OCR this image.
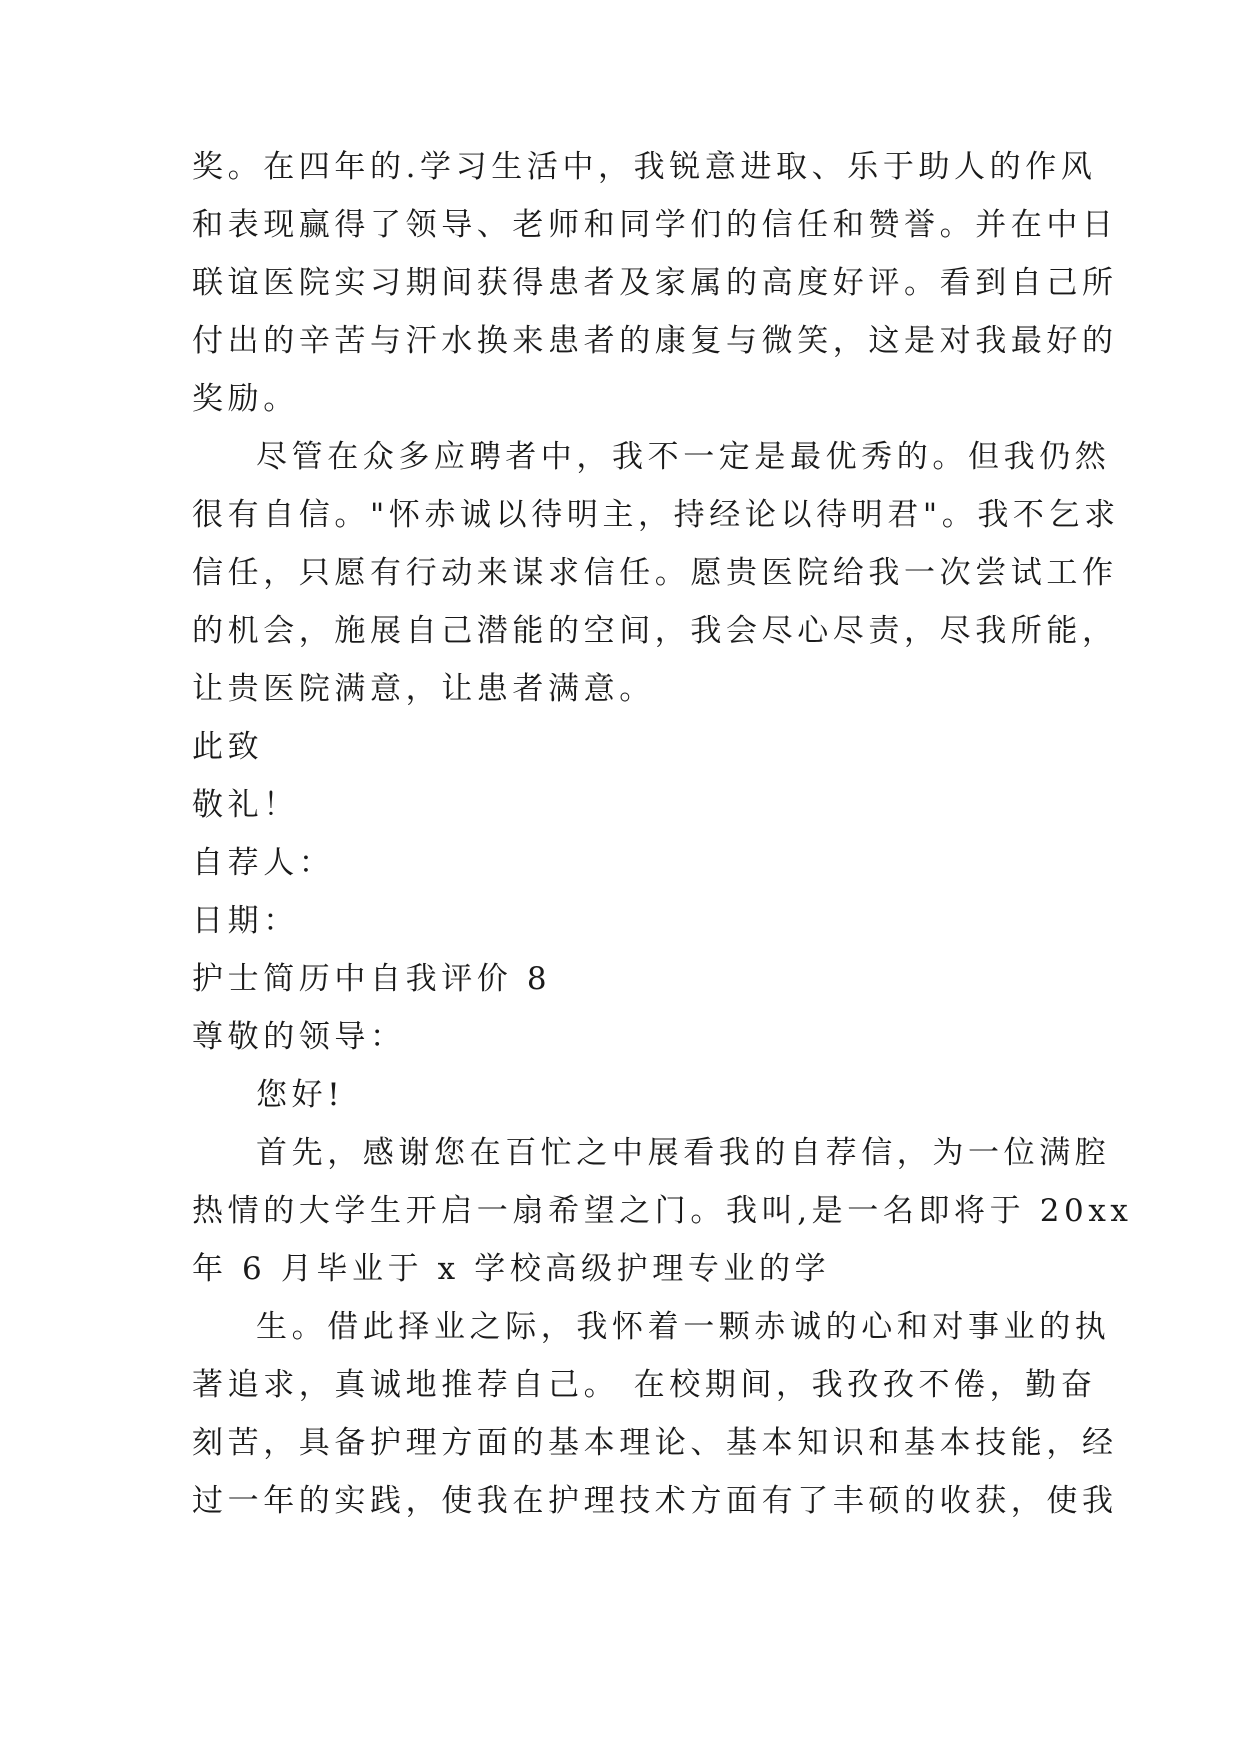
奖。在四年的.学习生活中，我锐意进取、乐于助人的作风
和表现赢得了领导、老师和同学们的信任和赞誉。并在中日
联谊医院实习期间获得患者及家属的高度好评。看到自己所
付出的辛苦与汗水换来患者的康复与微笑，这是对我最好的
奖励。
尽管在众多应聘者中，我不一定是最优秀的。但我仍然
很有自信。"怀赤诚以待明主，持经论以待明君"。我不乞求
信任，只愿有行动来谋求信任。愿贵医院给我一次尝试工作
的机会，施展自己潜能的空间，我会尽心尽责，尽我所能，
让贵医院满意，让患者满意。
此致
敬礼！
自荐人：
日期：
护士简历中自我评价 8
尊敬的领导：
您好!
首先，感谢您在百忙之中展看我的自荐信，为一位满腔
热情的大学生开启一扇希望之门。我叫,是一名即将于 20xx
年 6 月毕业于 x 学校高级护理专业的学
生。借此择业之际，我怀着一颗赤诚的心和对事业的执
著追求，真诚地推荐自己。 在校期间，我孜孜不倦，勤奋
刻苦，具备护理方面的基本理论、基本知识和基本技能，经
过一年的实践，使我在护理技术方面有了丰硕的收获，使我
